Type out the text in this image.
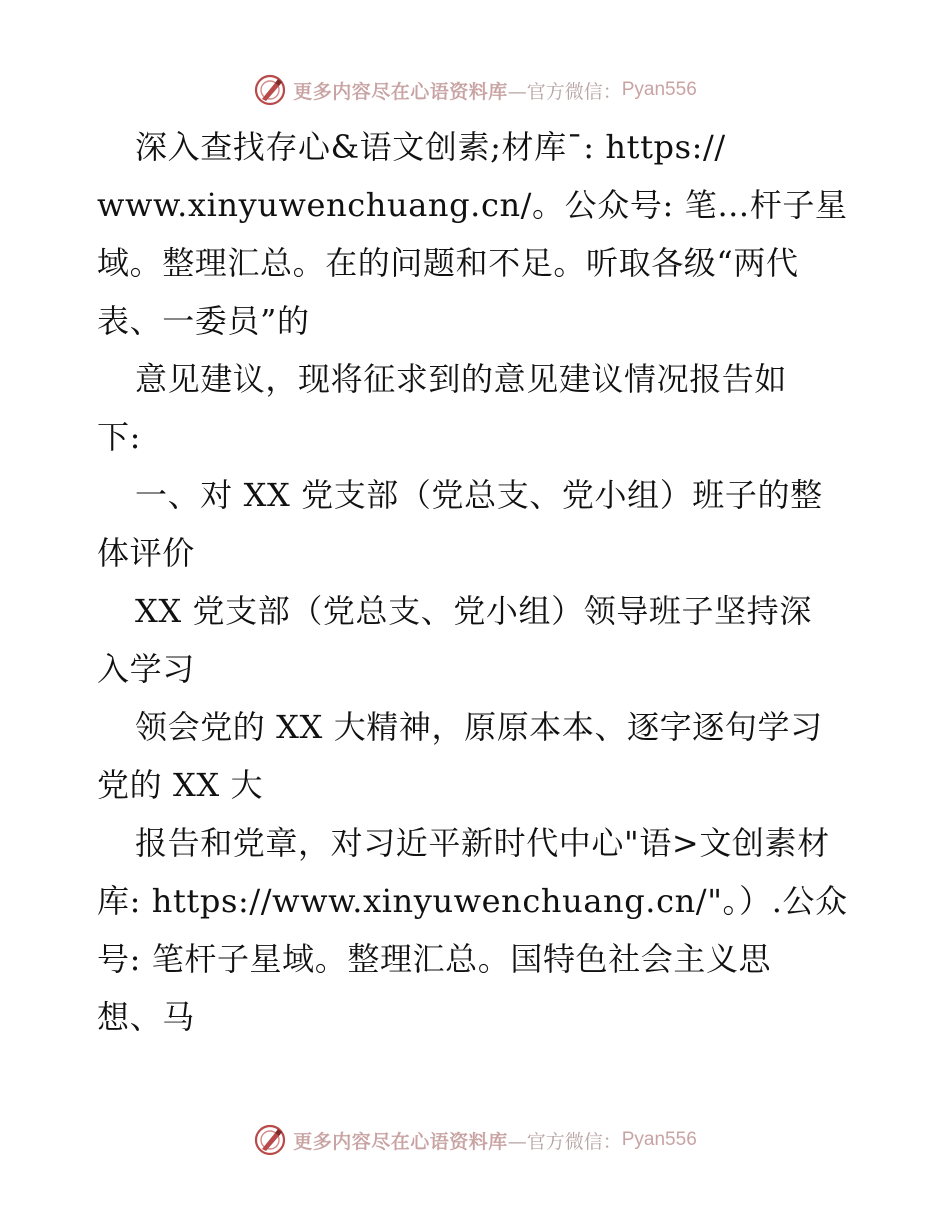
更多内容尽在心语资料库 —官方微信： Pyan556
深入查找存心&语文创素;材库¯: https://
www.xinyuwenchuang.cn/。公众号: 笔…杆子星
域。整理汇总。在的问题和不足。听取各级“两代
表、一委员”的
意见建议，现将征求到的意见建议情况报告如
下:
一、对 XX 党支部（党总支、党小组）班子的整
体评价
XX 党支部（党总支、党小组）领导班子坚持深
入学习
领会党的 XX 大精神，原原本本、逐字逐句学习
党的 XX 大
报告和党章，对习近平新时代中心"语>文创素材
库: https://www.xinyuwenchuang.cn/"。）.公众
号: 笔杆子星域。整理汇总。国特色社会主义思
想、马
更多内容尽在心语资料库 —官方微信： Pyan556
